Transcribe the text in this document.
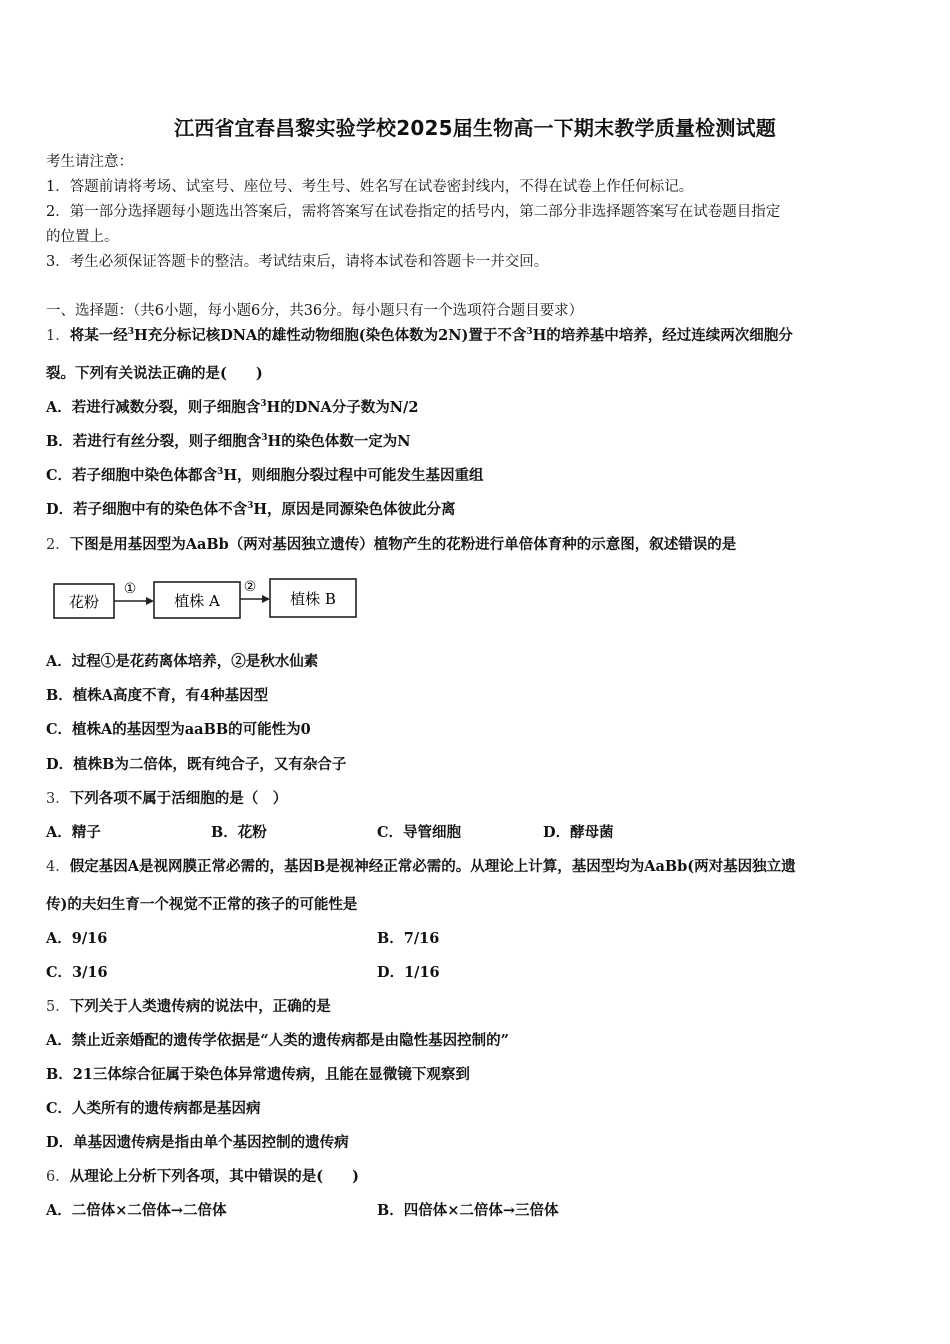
江西省宜春昌黎实验学校2025届生物高一下期末教学质量检测试题
考生请注意：
1．答题前请将考场、试室号、座位号、考生号、姓名写在试卷密封线内，不得在试卷上作任何标记。
2．第一部分选择题每小题选出答案后，需将答案写在试卷指定的括号内，第二部分非选择题答案写在试卷题目指定
的位置上。
3．考生必须保证答题卡的整洁。考试结束后，请将本试卷和答题卡一并交回。
一、选择题：（共6小题，每小题6分，共36分。每小题只有一个选项符合题目要求）
1．将某一经$^3$H充分标记核DNA的雄性动物细胞(染色体数为2N)置于不含$^3$H的培养基中培养，经过连续两次细胞分
裂。下列有关说法正确的是(　　)
A．若进行减数分裂，则子细胞含$^3$H的DNA分子数为N/2
B．若进行有丝分裂，则子细胞含$^3$H的染色体数一定为N
C．若子细胞中染色体都含$^3$H，则细胞分裂过程中可能发生基因重组
D．若子细胞中有的染色体不含$^3$H，原因是同源染色体彼此分离
2．下图是用基因型为AaBb（两对基因独立遗传）植物产生的花粉进行单倍体育种的示意图，叙述错误的是
花粉
①
植株 A
②
植株 B
A．过程①是花药离体培养，②是秋水仙素
B．植株A高度不育，有4种基因型
C．植株A的基因型为aaBB的可能性为0
D．植株B为二倍体，既有纯合子，又有杂合子
3．下列各项不属于活细胞的是（　）
A．精子	B．花粉	C．导管细胞	D．酵母菌
4．假定基因A是视网膜正常必需的，基因B是视神经正常必需的。从理论上计算，基因型均为AaBb(两对基因独立遗
传)的夫妇生育一个视觉不正常的孩子的可能性是
A．9/16	B．7/16
C．3/16	D．1/16
5．下列关于人类遗传病的说法中，正确的是
A．禁止近亲婚配的遗传学依据是“人类的遗传病都是由隐性基因控制的”
B．21三体综合征属于染色体异常遗传病，且能在显微镜下观察到
C．人类所有的遗传病都是基因病
D．单基因遗传病是指由单个基因控制的遗传病
6．从理论上分析下列各项，其中错误的是(　　)
A．二倍体×二倍体→二倍体	B．四倍体×二倍体→三倍体
